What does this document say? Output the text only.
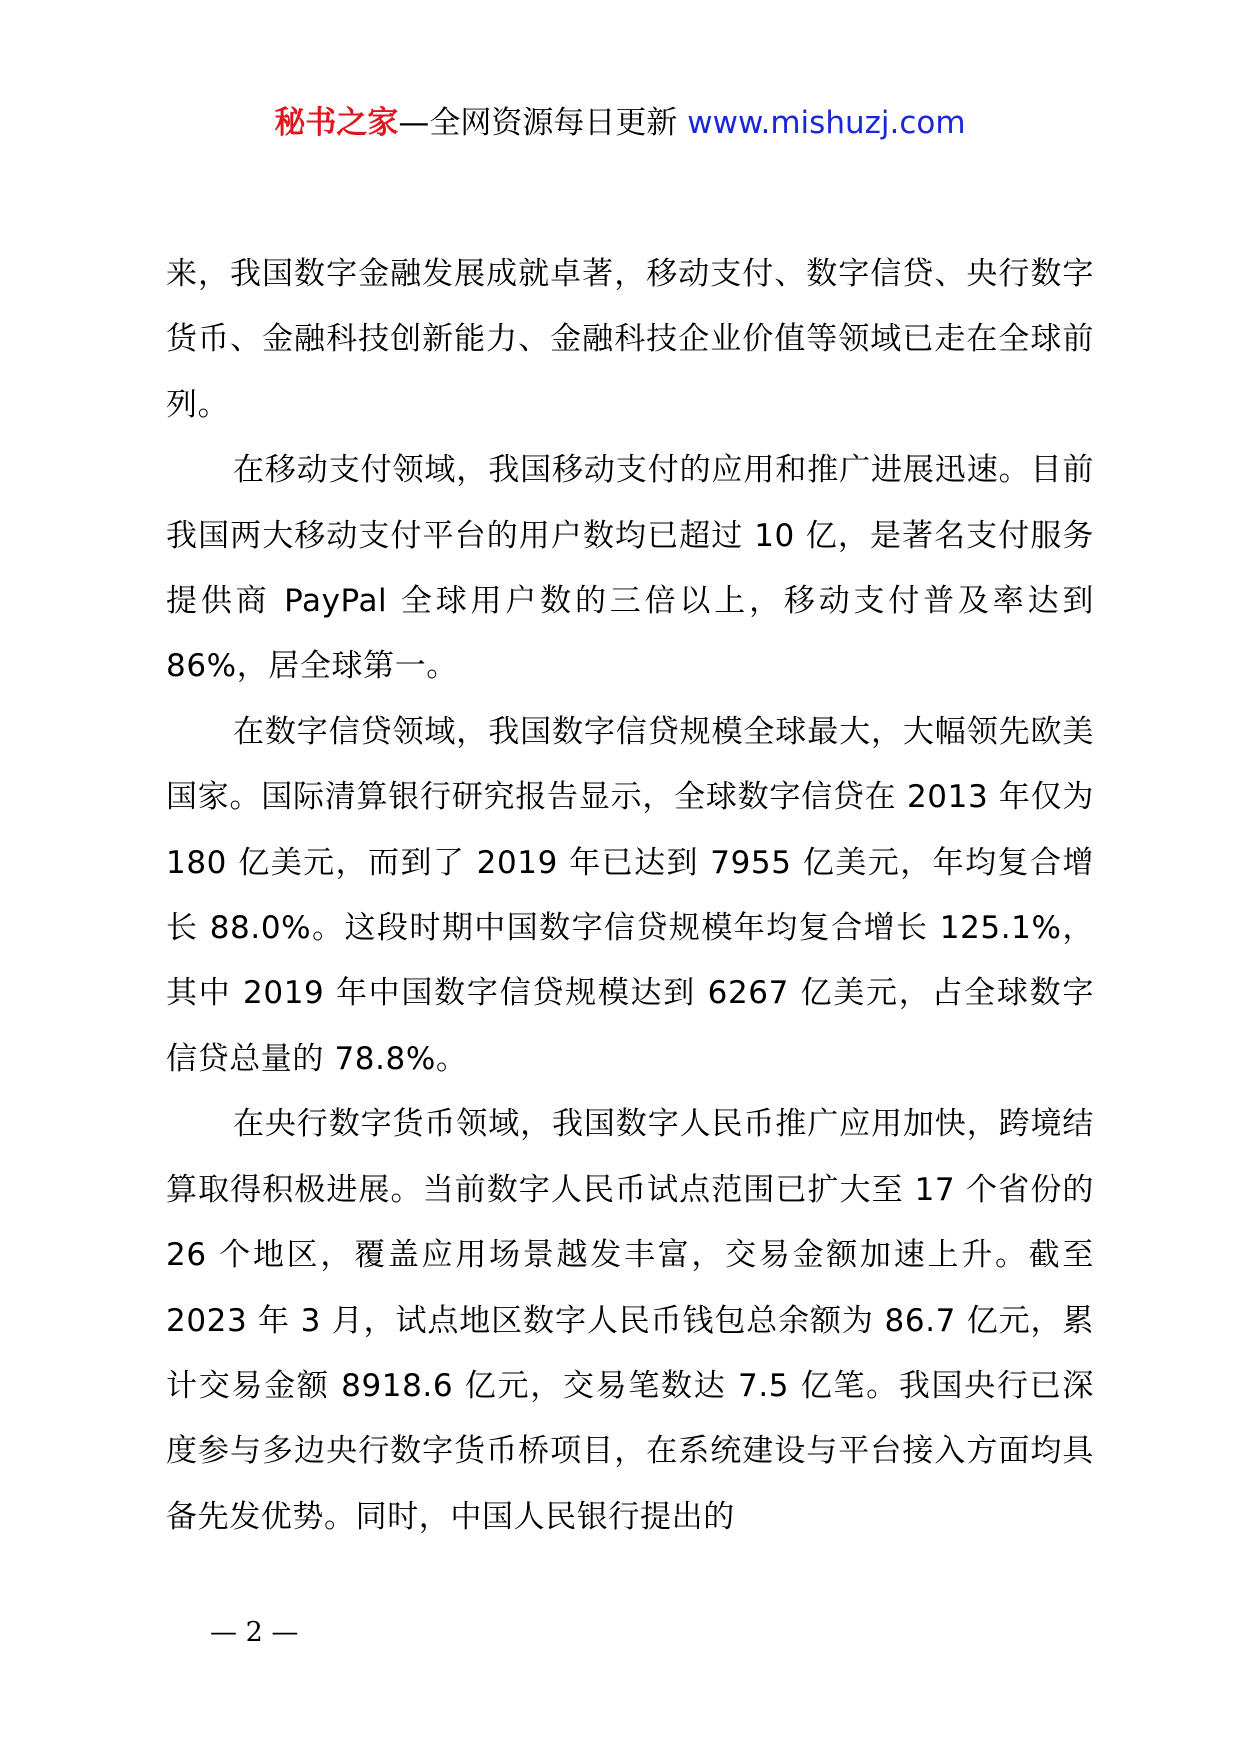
秘书之家—全网资源每日更新 www.mishuzj.com

来，我国数字金融发展成就卓著，移动支付、数字信贷、央行数字货币、金融科技创新能力、金融科技企业价值等领域已走在全球前列。

在移动支付领域，我国移动支付的应用和推广进展迅速。目前我国两大移动支付平台的用户数均已超过 10 亿，是著名支付服务提供商 PayPal 全球用户数的三倍以上，移动支付普及率达到 86%，居全球第一。

在数字信贷领域，我国数字信贷规模全球最大，大幅领先欧美国家。国际清算银行研究报告显示，全球数字信贷在 2013 年仅为 180 亿美元，而到了 2019 年已达到 7955 亿美元，年均复合增长 88.0%。这段时期中国数字信贷规模年均复合增长 125.1%，其中 2019 年中国数字信贷规模达到 6267 亿美元，占全球数字信贷总量的 78.8%。

在央行数字货币领域，我国数字人民币推广应用加快，跨境结算取得积极进展。当前数字人民币试点范围已扩大至 17 个省份的 26 个地区，覆盖应用场景越发丰富，交易金额加速上升。截至 2023 年 3 月，试点地区数字人民币钱包总余额为 86.7 亿元，累计交易金额 8918.6 亿元，交易笔数达 7.5 亿笔。我国央行已深度参与多边央行数字货币桥项目，在系统建设与平台接入方面均具备先发优势。同时，中国人民银行提出的

— 2 —
